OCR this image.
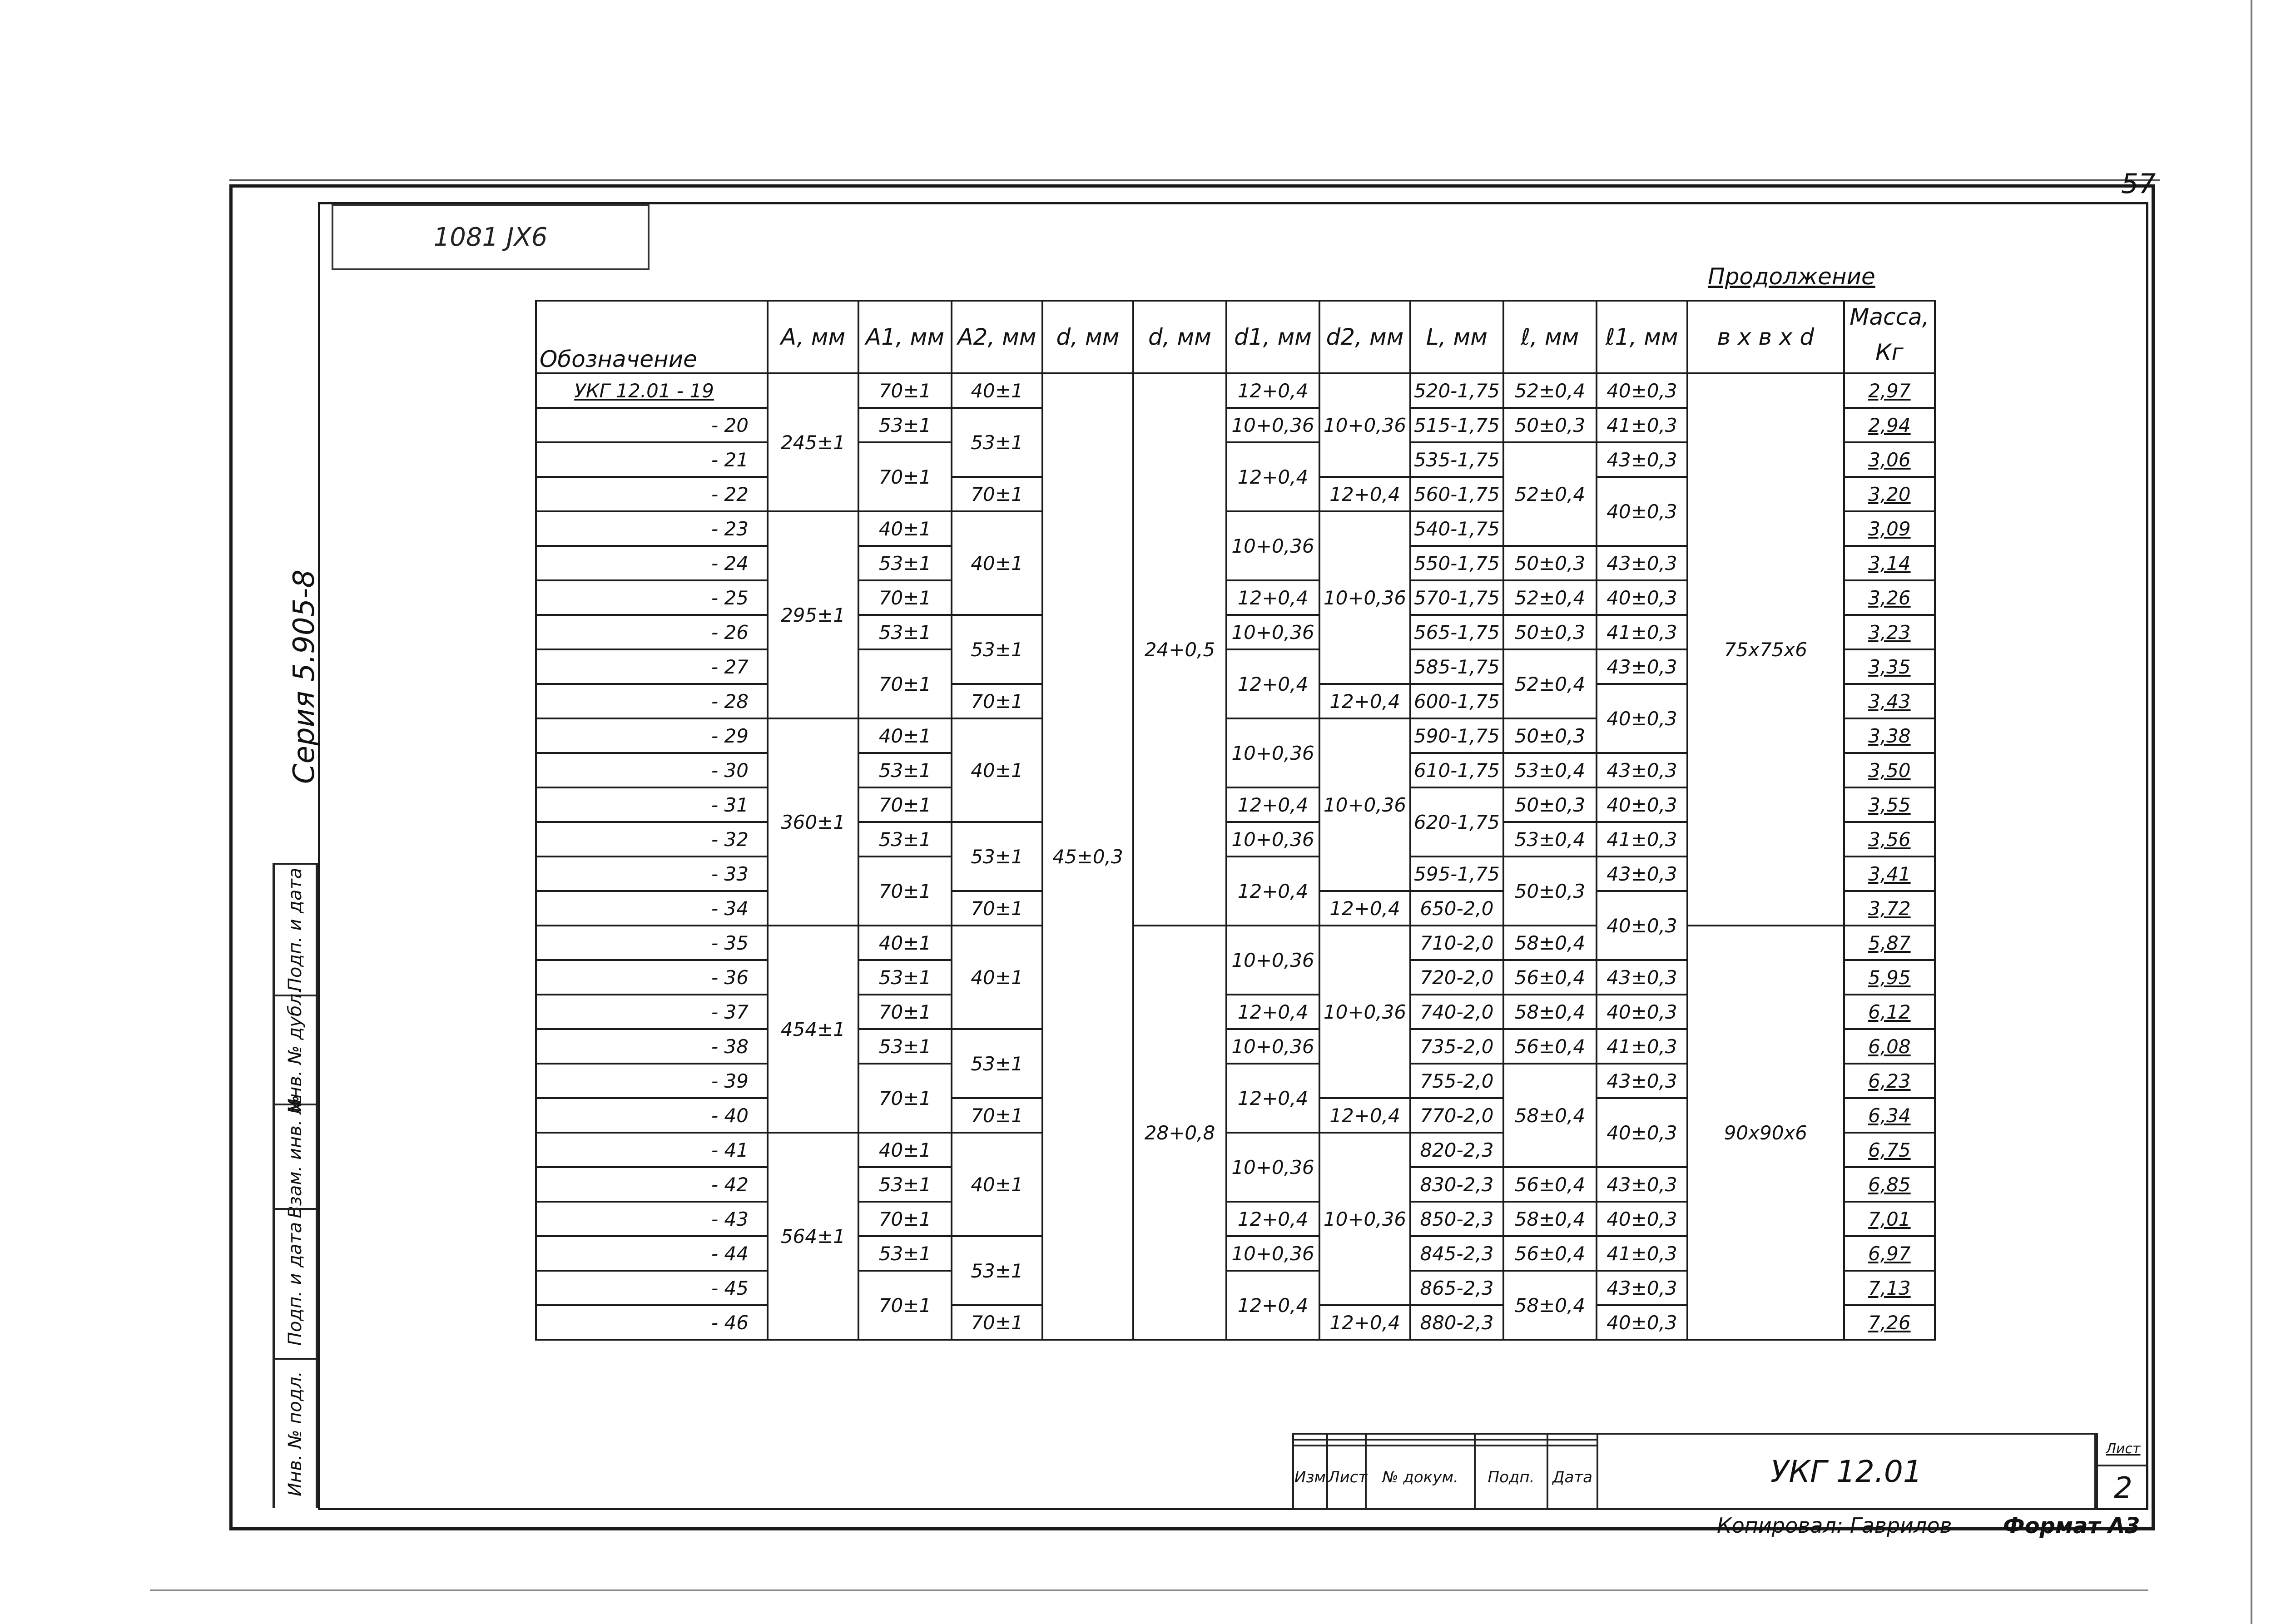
57
1081 JX6
Серия 5.905-8
Подп. и дата
Инв. № дубл.
Взам. инв. №
Подп. и дата
Инв. № подл.
Продолжение
Обозначение	A, мм	A1, мм	A2, мм	d, мм	d, мм	d1, мм	d2, мм	L, мм	ℓ, мм	ℓ1, мм	в x в x d	Масса,
												Кг
УКГ 12.01 - 19	245±1	70±1	40±1	45±0,3	24+0,5	12+0,4	10+0,36	520-1,75	52±0,4	40±0,3	75x75x6	2,97
- 20		53±1	53±1			10+0,36		515-1,75	50±0,3	41±0,3		2,94
- 21		70±1				12+0,4		535-1,75	52±0,4	43±0,3		3,06
- 22			70±1				12+0,4	560-1,75		40±0,3		3,20
- 23	295±1	40±1	40±1			10+0,36	10+0,36	540-1,75				3,09
- 24		53±1						550-1,75	50±0,3	43±0,3		3,14
- 25		70±1				12+0,4		570-1,75	52±0,4	40±0,3		3,26
- 26		53±1	53±1			10+0,36		565-1,75	50±0,3	41±0,3		3,23
- 27		70±1				12+0,4		585-1,75	52±0,4	43±0,3		3,35
- 28			70±1				12+0,4	600-1,75		40±0,3		3,43
- 29	360±1	40±1	40±1			10+0,36	10+0,36	590-1,75	50±0,3			3,38
- 30		53±1						610-1,75	53±0,4	43±0,3		3,50
- 31		70±1				12+0,4		620-1,75	50±0,3	40±0,3		3,55
- 32		53±1	53±1			10+0,36			53±0,4	41±0,3		3,56
- 33		70±1				12+0,4		595-1,75	50±0,3	43±0,3		3,41
- 34			70±1				12+0,4	650-2,0		40±0,3		3,72
- 35	454±1	40±1	40±1		28+0,8	10+0,36	10+0,36	710-2,0	58±0,4		90x90x6	5,87
- 36		53±1						720-2,0	56±0,4	43±0,3		5,95
- 37		70±1				12+0,4		740-2,0	58±0,4	40±0,3		6,12
- 38		53±1	53±1			10+0,36		735-2,0	56±0,4	41±0,3		6,08
- 39		70±1				12+0,4		755-2,0	58±0,4	43±0,3		6,23
- 40			70±1				12+0,4	770-2,0		40±0,3		6,34
- 41	564±1	40±1	40±1			10+0,36	10+0,36	820-2,3				6,75
- 42		53±1						830-2,3	56±0,4	43±0,3		6,85
- 43		70±1				12+0,4		850-2,3	58±0,4	40±0,3		7,01
- 44		53±1	53±1			10+0,36		845-2,3	56±0,4	41±0,3		6,97
- 45		70±1				12+0,4		865-2,3	58±0,4	43±0,3		7,13
- 46			70±1				12+0,4	880-2,3		40±0,3		7,26

Изм	Лист	№ докум.	Подп.	Дата	УКГ 12.01
Лист
2
Копировал: Гаврилов Формат А3
